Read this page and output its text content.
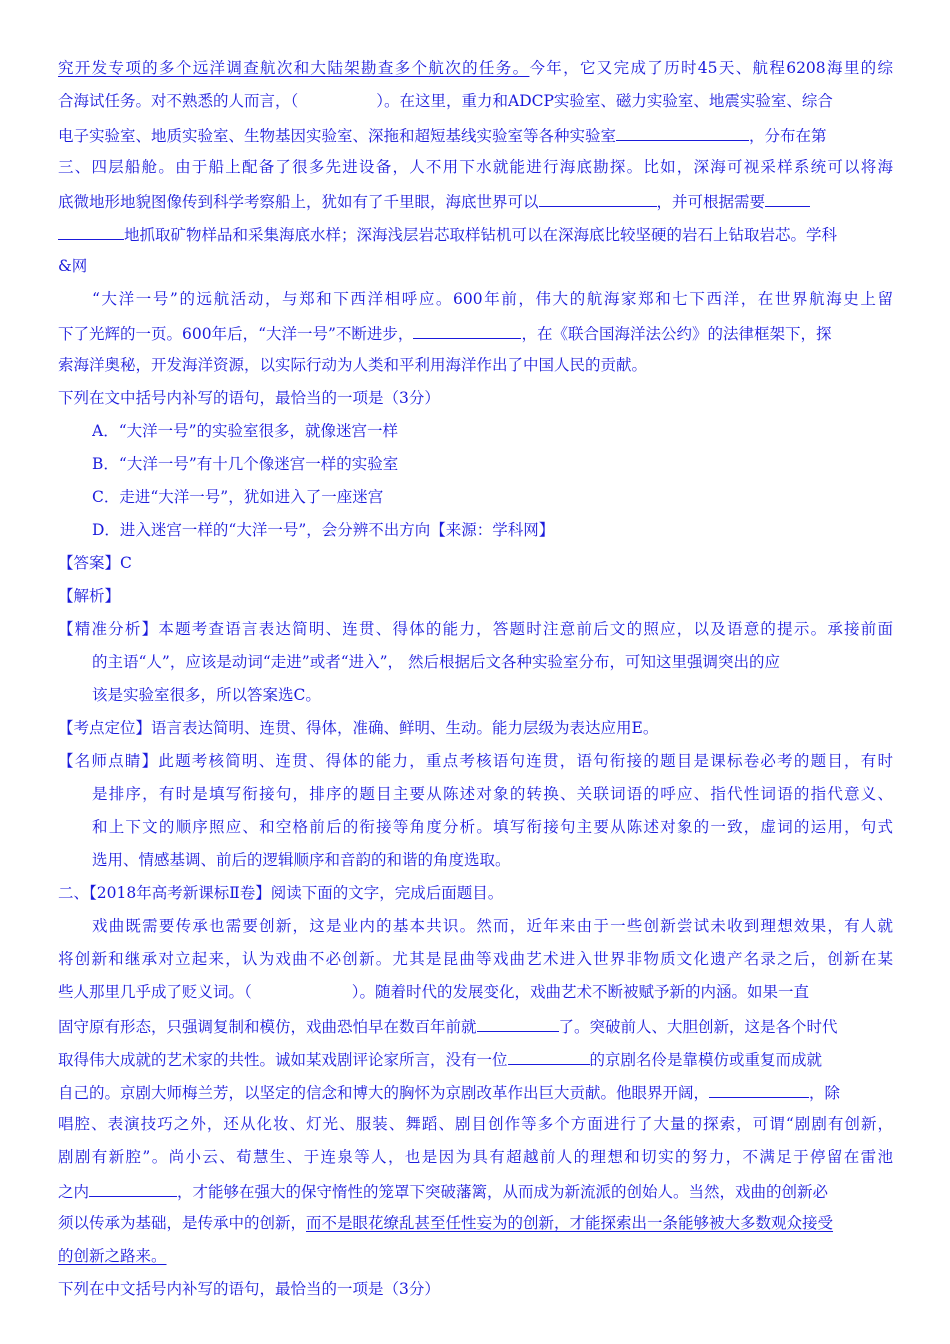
究开发专项的多个远洋调查航次和大陆架勘查多个航次的任务。今年，它又完成了历时45天、航程6208海里的综
合海试任务。对不熟悉的人而言，（	）。在这里，重力和ADCP实验室、磁力实验室、地震实验室、综合
电子实验室、地质实验室、生物基因实验室、深拖和超短基线实验室等各种实验室	，分布在第
三、四层船舱。由于船上配备了很多先进设备，人不用下水就能进行海底勘探。比如，深海可视采样系统可以将海
底微地形地貌图像传到科学考察船上，犹如有了千里眼，海底世界可以	，并可根据需要
地抓取矿物样品和采集海底水样；深海浅层岩芯取样钻机可以在深海底比较坚硬的岩石上钻取岩芯。学科
&网
“大洋一号”的远航活动，与郑和下西洋相呼应。600年前，伟大的航海家郑和七下西洋，在世界航海史上留
下了光辉的一页。600年后，“大洋一号”不断进步，	，在《联合国海洋法公约》的法律框架下，探
索海洋奥秘，开发海洋资源，以实际行动为人类和平利用海洋作出了中国人民的贡献。
下列在文中括号内补写的语句，最恰当的一项是（3分）
A．“大洋一号”的实验室很多，就像迷宫一样
B．“大洋一号”有十几个像迷宫一样的实验室
C．走进“大洋一号”，犹如进入了一座迷宫
D．进入迷宫一样的“大洋一号”，会分辨不出方向【来源：学科网】
【答案】C
【解析】
【精准分析】本题考查语言表达简明、连贯、得体的能力，答题时注意前后文的照应，以及语意的提示。承接前面
的主语“人”，应该是动词“走进”或者“进入”， 然后根据后文各种实验室分布，可知这里强调突出的应
该是实验室很多，所以答案选C。
【考点定位】语言表达简明、连贯、得体，准确、鲜明、生动。能力层级为表达应用E。
【名师点睛】此题考核简明、连贯、得体的能力，重点考核语句连贯，语句衔接的题目是课标卷必考的题目，有时
是排序，有时是填写衔接句，排序的题目主要从陈述对象的转换、关联词语的呼应、指代性词语的指代意义、
和上下文的顺序照应、和空格前后的衔接等角度分析。填写衔接句主要从陈述对象的一致，虚词的运用，句式
选用、情感基调、前后的逻辑顺序和音韵的和谐的角度选取。
二、【2018年高考新课标Ⅱ卷】阅读下面的文字，完成后面题目。
戏曲既需要传承也需要创新，这是业内的基本共识。然而，近年来由于一些创新尝试未收到理想效果，有人就
将创新和继承对立起来，认为戏曲不必创新。尤其是昆曲等戏曲艺术进入世界非物质文化遗产名录之后，创新在某
些人那里几乎成了贬义词。（	）。随着时代的发展变化，戏曲艺术不断被赋予新的内涵。如果一直
固守原有形态，只强调复制和模仿，戏曲恐怕早在数百年前就	了。突破前人、大胆创新，这是各个时代
取得伟大成就的艺术家的共性。诚如某戏剧评论家所言，没有一位	的京剧名伶是靠模仿或重复而成就
自己的。京剧大师梅兰芳，以坚定的信念和博大的胸怀为京剧改革作出巨大贡献。他眼界开阔，	，除
唱腔、表演技巧之外，还从化妆、灯光、服装、舞蹈、剧目创作等多个方面进行了大量的探索，可谓“剧剧有创新，
剧剧有新腔”。尚小云、荀慧生、于连泉等人，也是因为具有超越前人的理想和切实的努力，不满足于停留在雷池
之内	，才能够在强大的保守惰性的笼罩下突破藩篱，从而成为新流派的创始人。当然，戏曲的创新必
须以传承为基础，是传承中的创新，而不是眼花缭乱甚至任性妄为的创新，才能探索出一条能够被大多数观众接受
的创新之路来。
下列在中文括号内补写的语句，最恰当的一项是（3分）
